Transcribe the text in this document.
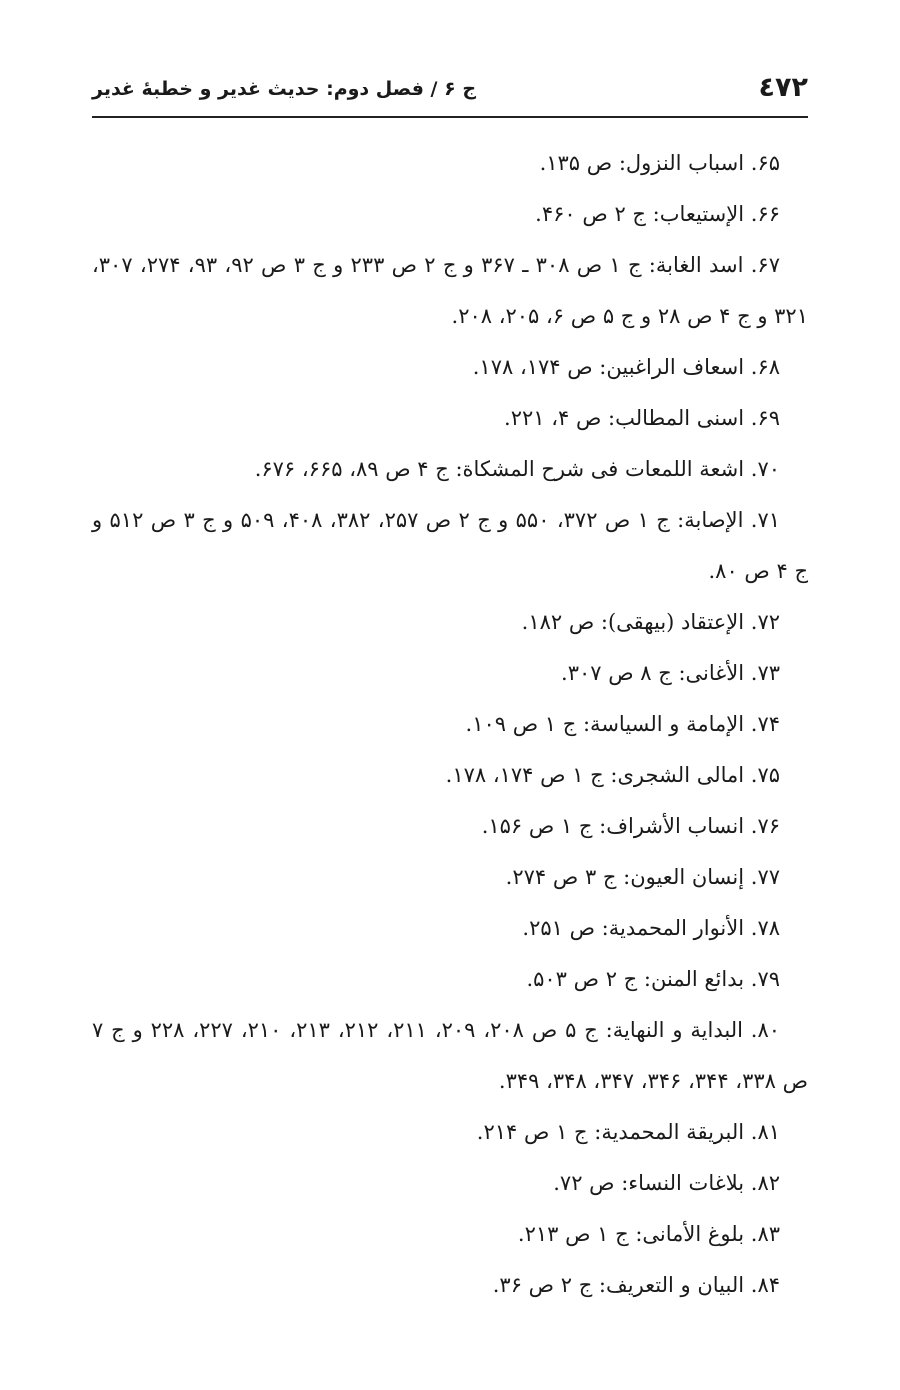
٤٧٢
ج ۶ / فصل دوم: حديث غدير و خطبهٔ غدير
۶۵. اسباب النزول: ص ۱۳۵.
۶۶. الإستيعاب: ج ۲ ص ۴۶۰.
۶۷. اسد الغابة: ج ۱ ص ۳۰۸ ـ ۳۶۷ و ج ۲ ص ۲۳۳ و ج ۳ ص ۹۲، ۹۳، ۲۷۴، ۳۰۷، ۳۲۱ و ج ۴ ص ۲۸ و ج ۵ ص ۶، ۲۰۵، ۲۰۸.
۶۸. اسعاف الراغبين: ص ۱۷۴، ۱۷۸.
۶۹. اسنى المطالب: ص ۴، ۲۲۱.
۷۰. اشعة اللمعات فى شرح المشكاة: ج ۴ ص ۸۹، ۶۶۵، ۶۷۶.
۷۱. الإصابة: ج ۱ ص ۳۷۲، ۵۵۰ و ج ۲ ص ۲۵۷، ۳۸۲، ۴۰۸، ۵۰۹ و ج ۳ ص ۵۱۲ و ج ۴ ص ۸۰.
۷۲. الإعتقاد (بيهقى): ص ۱۸۲.
۷۳. الأغانى: ج ۸ ص ۳۰۷.
۷۴. الإمامة و السياسة: ج ۱ ص ۱۰۹.
۷۵. امالى الشجرى: ج ۱ ص ۱۷۴، ۱۷۸.
۷۶. انساب الأشراف: ج ۱ ص ۱۵۶.
۷۷. إنسان العيون: ج ۳ ص ۲۷۴.
۷۸. الأنوار المحمدية: ص ۲۵۱.
۷۹. بدائع المنن: ج ۲ ص ۵۰۳.
۸۰. البداية و النهاية: ج ۵ ص ۲۰۸، ۲۰۹، ۲۱۱، ۲۱۲، ۲۱۳، ۲۱۰، ۲۲۷، ۲۲۸ و ج ۷ ص ۳۳۸، ۳۴۴، ۳۴۶، ۳۴۷، ۳۴۸، ۳۴۹.
۸۱. البريقة المحمدية: ج ۱ ص ۲۱۴.
۸۲. بلاغات النساء: ص ۷۲.
۸۳. بلوغ الأمانى: ج ۱ ص ۲۱۳.
۸۴. البيان و التعريف: ج ۲ ص ۳۶.
